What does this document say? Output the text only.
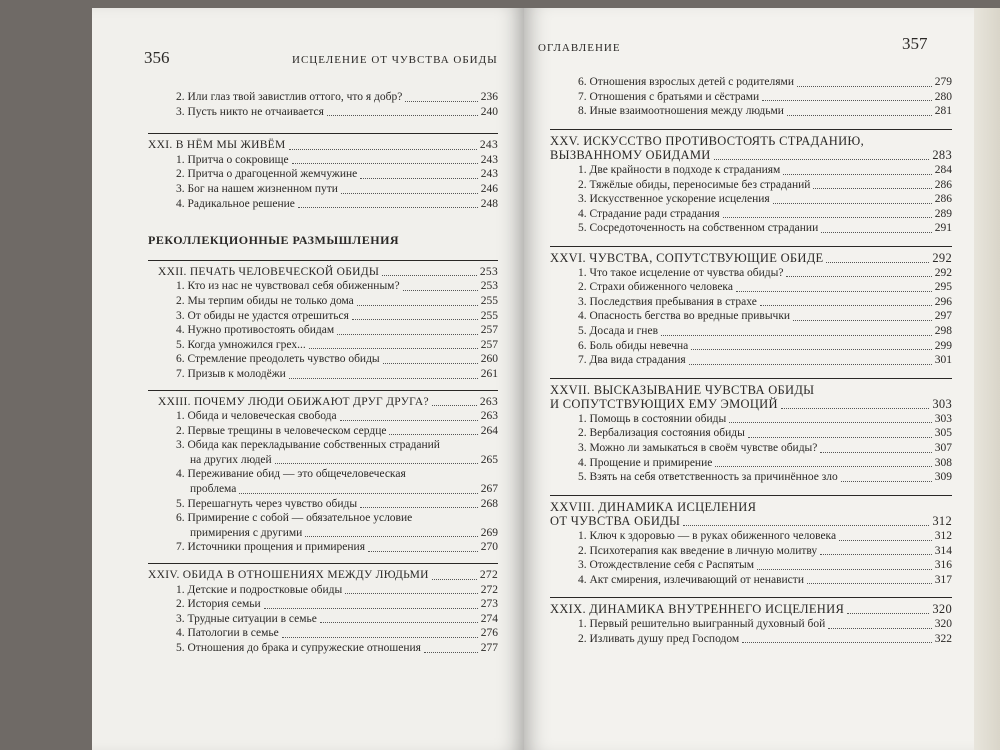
356	ИСЦЕЛЕНИЕ ОТ ЧУВСТВА ОБИДЫ
2. Или глаз твой завистлив оттого, что я добр?	236
3. Пусть никто не отчаивается	240
XXI. В НЁМ МЫ ЖИВЁМ	243
1. Притча о сокровище	243
2. Притча о драгоценной жемчужине	243
3. Бог на нашем жизненном пути	246
4. Радикальное решение	248
РЕКОЛЛЕКЦИОННЫЕ РАЗМЫШЛЕНИЯ
XXII. ПЕЧАТЬ ЧЕЛОВЕЧЕСКОЙ ОБИДЫ	253
1. Кто из нас не чувствовал себя обиженным?	253
2. Мы терпим обиды не только дома	255
3. От обиды не удастся отрешиться	255
4. Нужно противостоять обидам	257
5. Когда умножился грех...	257
6. Стремление преодолеть чувство обиды	260
7. Призыв к молодёжи	261
XXIII. ПОЧЕМУ ЛЮДИ ОБИЖАЮТ ДРУГ ДРУГА?	263
1. Обида и человеческая свобода	263
2. Первые трещины в человеческом сердце	264
3. Обида как перекладывание собственных страданий
на других людей	265
4. Переживание обид — это общечеловеческая
проблема	267
5. Перешагнуть через чувство обиды	268
6. Примирение с собой — обязательное условие
примирения с другими	269
7. Источники прощения и примирения	270
XXIV. ОБИДА В ОТНОШЕНИЯХ МЕЖДУ ЛЮДЬМИ	272
1. Детские и подростковые обиды	272
2. История семьи	273
3. Трудные ситуации в семье	274
4. Патологии в семье	276
5. Отношения до брака и супружеские отношения	277
ОГЛАВЛЕНИЕ	357
6. Отношения взрослых детей с родителями	279
7. Отношения с братьями и сёстрами	280
8. Иные взаимоотношения между людьми	281
XXV. ИСКУССТВО ПРОТИВОСТОЯТЬ СТРАДАНИЮ,
ВЫЗВАННОМУ ОБИДАМИ	283
1. Две крайности в подходе к страданиям	284
2. Тяжёлые обиды, переносимые без страданий	286
3. Искусственное ускорение исцеления	286
4. Страдание ради страдания	289
5. Сосредоточенность на собственном страдании	291
XXVI. ЧУВСТВА, СОПУТСТВУЮЩИЕ ОБИДЕ	292
1. Что такое исцеление от чувства обиды?	292
2. Страхи обиженного человека	295
3. Последствия пребывания в страхе	296
4. Опасность бегства во вредные привычки	297
5. Досада и гнев	298
6. Боль обиды невечна	299
7. Два вида страдания	301
XXVII. ВЫСКАЗЫВАНИЕ ЧУВСТВА ОБИДЫ
И СОПУТСТВУЮЩИХ ЕМУ ЭМОЦИЙ	303
1. Помощь в состоянии обиды	303
2. Вербализация состояния обиды	305
3. Можно ли замыкаться в своём чувстве обиды?	307
4. Прощение и примирение	308
5. Взять на себя ответственность за причинённое зло	309
XXVIII. ДИНАМИКА ИСЦЕЛЕНИЯ
ОТ ЧУВСТВА ОБИДЫ	312
1. Ключ к здоровью — в руках обиженного человека	312
2. Психотерапия как введение в личную молитву	314
3. Отождествление себя с Распятым	316
4. Акт смирения, излечивающий от ненависти	317
XXIX. ДИНАМИКА ВНУТРЕННЕГО ИСЦЕЛЕНИЯ	320
1. Первый решительно выигранный духовный бой	320
2. Изливать душу пред Господом	322
